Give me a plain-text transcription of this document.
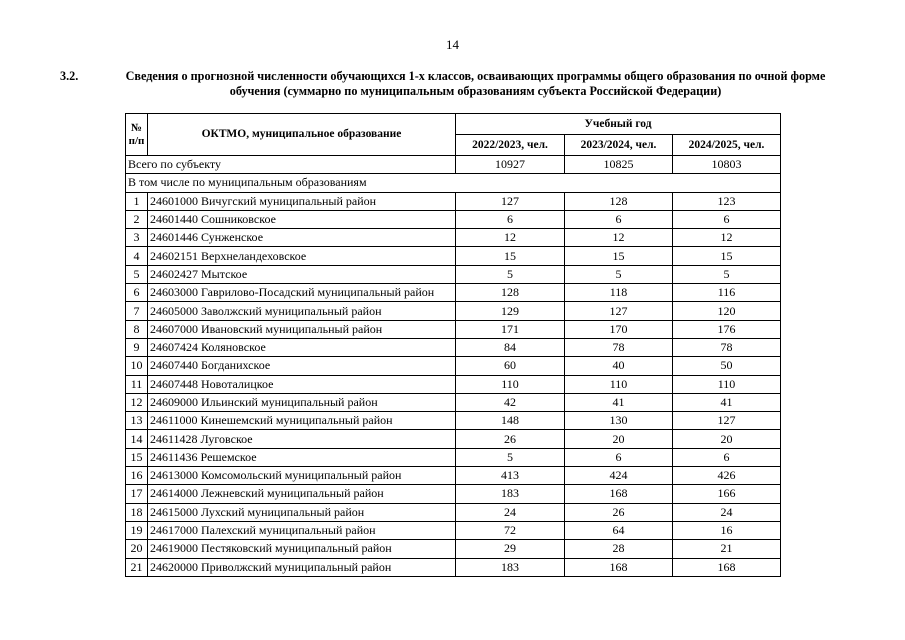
14
3.2.	Сведения о прогнозной численности обучающихся 1-х классов, осваивающих программы общего образования по очной форме обучения (суммарно по муниципальным образованиям субъекта Российской Федерации)
№ п/п	ОКТМО, муниципальное образование	Учебный год		
		2022/2023, чел.	2023/2024, чел.	2024/2025, чел.
Всего по субъекту		10927	10825	10803
В том числе по муниципальным образованиям				
1	24601000 Вичугский муниципальный район	127	128	123
2	24601440 Сошниковское	6	6	6
3	24601446 Сунженское	12	12	12
4	24602151 Верхнеландеховское	15	15	15
5	24602427 Мытское	5	5	5
6	24603000 Гаврилово-Посадский муниципальный район	128	118	116
7	24605000 Заволжский муниципальный район	129	127	120
8	24607000 Ивановский муниципальный район	171	170	176
9	24607424 Коляновское	84	78	78
10	24607440 Богданихское	60	40	50
11	24607448 Новоталицкое	110	110	110
12	24609000 Ильинский муниципальный район	42	41	41
13	24611000 Кинешемский муниципальный район	148	130	127
14	24611428 Луговское	26	20	20
15	24611436 Решемское	5	6	6
16	24613000 Комсомольский муниципальный район	413	424	426
17	24614000 Лежневский муниципальный район	183	168	166
18	24615000 Лухский муниципальный район	24	26	24
19	24617000 Палехский муниципальный район	72	64	16
20	24619000 Пестяковский муниципальный район	29	28	21
21	24620000 Приволжский муниципальный район	183	168	168
